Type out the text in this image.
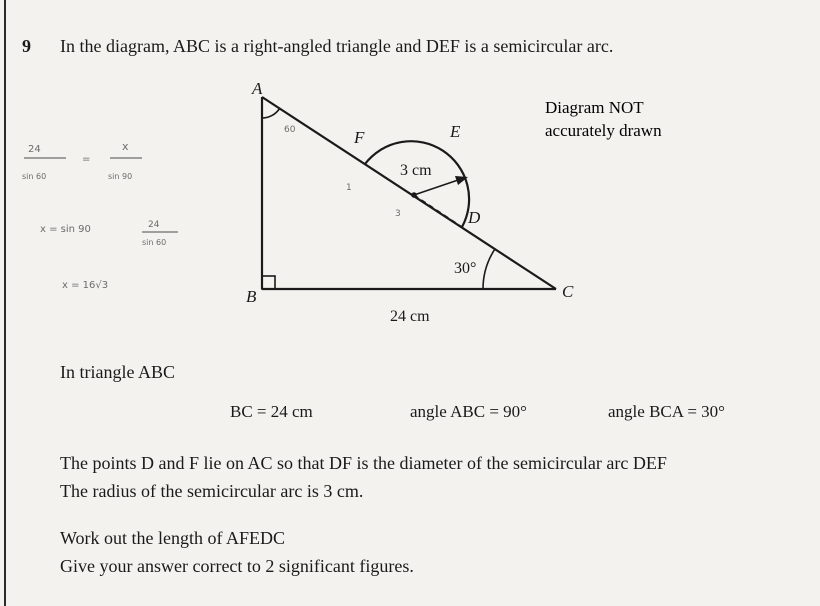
9 In the diagram, ABC is a right-angled triangle and DEF is a semicircular arc.
A
B	C
D
E
F
3 cm
24 cm
30°
Diagram NOT
accurately drawn
60
1
3
24
sin 60
=
x
sin 90
x = sin 90	24
sin 60
x = 16√3
In triangle ABC
BC = 24 cm	angle ABC = 90°	angle BCA = 30°
The points D and F lie on AC so that DF is the diameter of the semicircular arc DEF
The radius of the semicircular arc is 3 cm.
Work out the length of AFEDC
Give your answer correct to 2 significant figures.
